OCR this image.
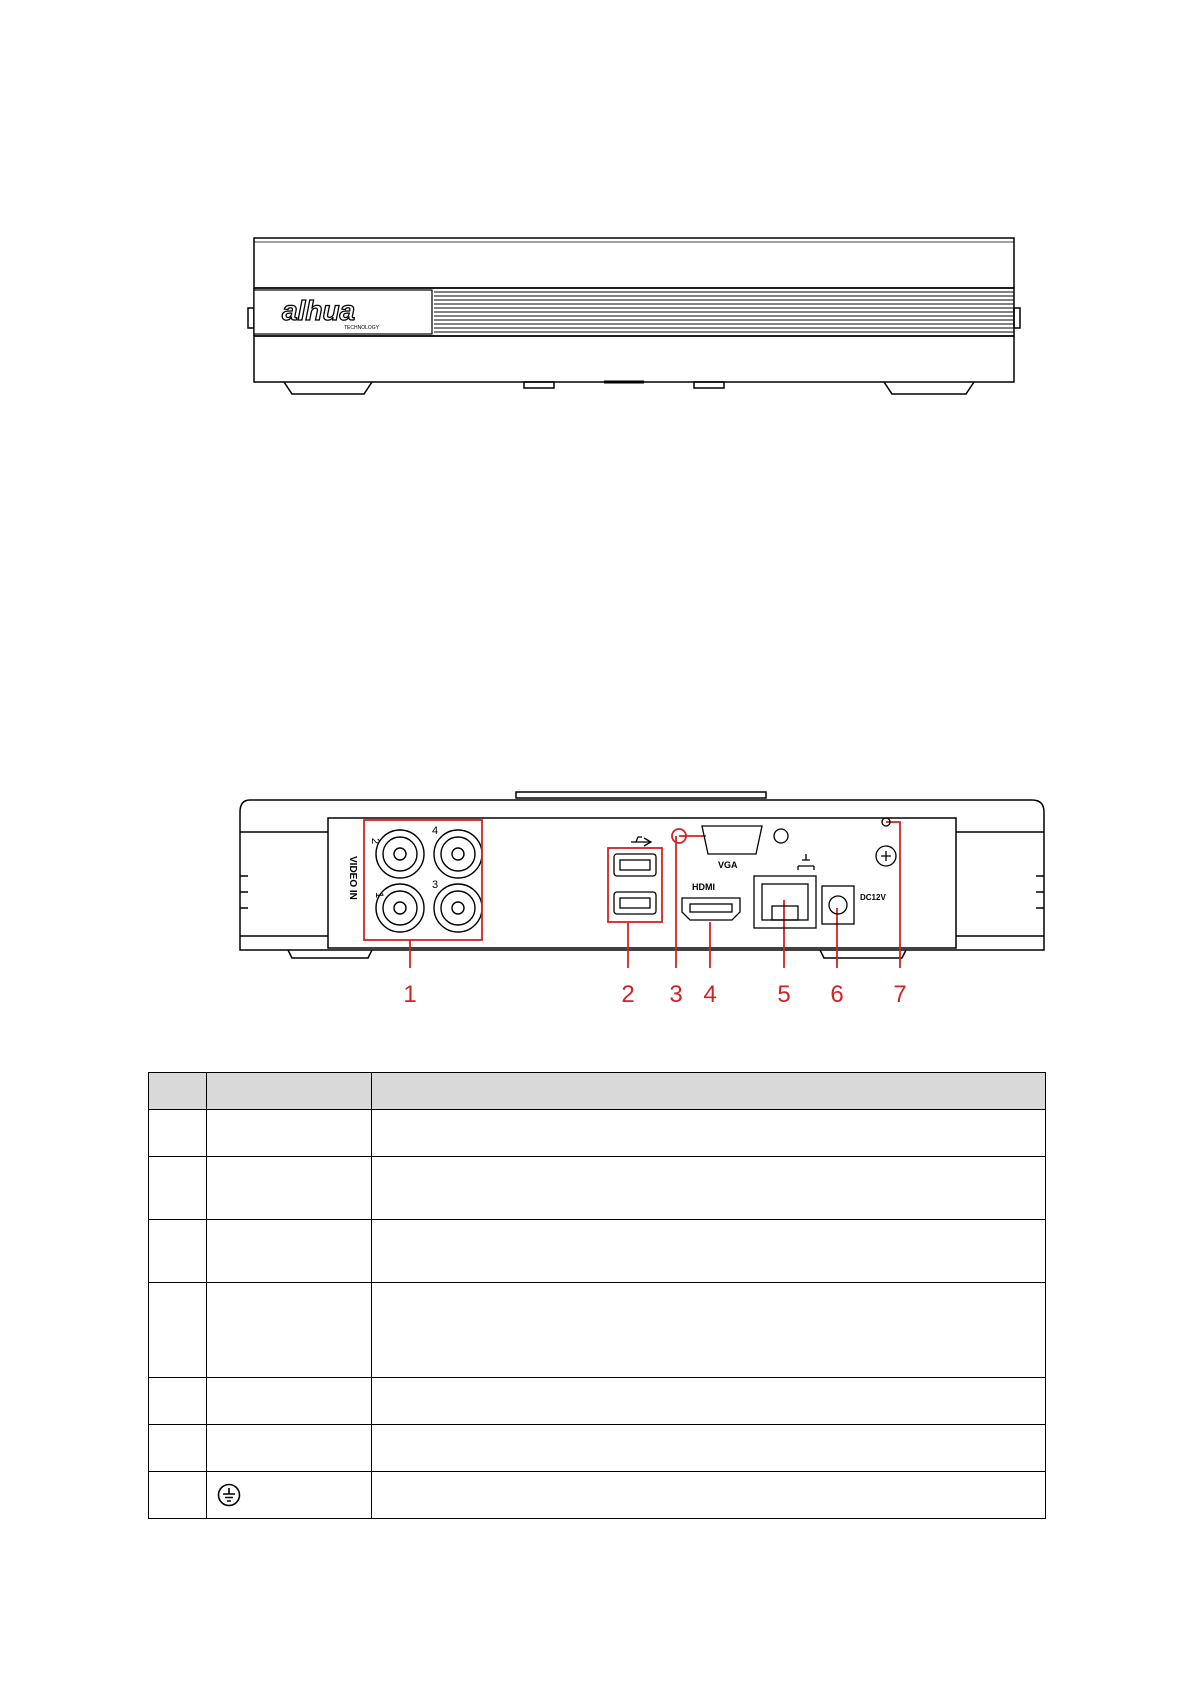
alhua
TECHNOLOGY
2
4
1
3
VIDEO IN	VGA
HDMI
DC12V
1	2 3 4	5 6 7
